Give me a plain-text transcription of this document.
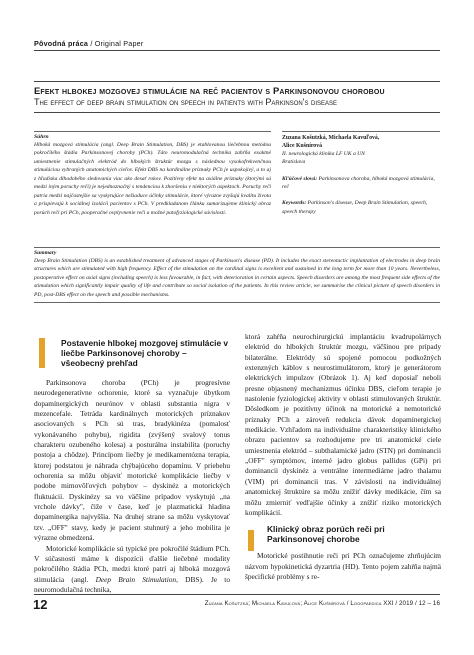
Pôvodná práca / Original Paper
Efekt hlbokej mozgovej stimulácie na reč pacientov s Parkinsonovou chorobou
The effect of deep brain stimulation on speech in patients with Parkinson's disease
Súhrn
Hlboká mozgová stimulácia (angl. Deep Brain Stimulation, DBS) je etablovanou liečebnou metódou pokročilého štádia Parkinsonovej choroby (PCh). Táto neuromodulačná technika zahŕňa exaktné umiestnenie stimulačných elektród do hlbokých štruktúr mozgu s následnou vysokofrekvenčnou stimuláciou vybraných anatomických cieľov. Efekt DBS na kardinálne príznaky PCh je uspokojivý, a to aj z hľadiska dlhodobého sledovania viac ako desať rokov. Pozitívny efekt na axiálne príznaky (ktorými sú medzi iným poruchy reči) je nejednoznačný s tendenciou k zhoršeniu v niektorých aspektoch. Poruchy reči patria medzi najčastejšie sa vyskytujúce nežiaduce účinky stimulácie, ktoré výrazne zvyšujú kvalitu života a prispievajú k sociálnej izolácii pacientov s PCh. V predkladanom článku sumarizujeme klinický obraz porúch reči pri PCh, pooperačné ovplyvnenie reči a možné patofyziologické súvislosti.
Zuzana Košutzká, Michaela Kavuľová,
Alice Kušnírová
II. neurologická klinika LF UK a UN
Bratislava
Kľúčové slová: Parkinsonova choroba, hlboká mozgová stimulácia, reč
Keywords: Parkinson's disease, Deep Brain Stimulation, speech, speech therapy
Summary
Deep Brain Stimulation (DBS) is an established treatment of advanced stages of Parkinson's disease (PD). It includes the exact stereotactic implantation of electrodes in deep brain structures which are stimulated with high frequency. Effect of the stimulation on the cardinal signs is excellent and sustained in the long term for more than 10 years. Nevertheless, postoperative effect on axial signs (including speech) is less favourable, in fact, with deterioration in certain aspects. Speech disorders are among the most frequent side effects of the stimulation which significantly impair quality of life and contribute so social isolation of the patients. In this review article, we summarise the clinical picture of speech disorders in PD, post-DBS effect on the speech and possible mechanisms.
Postavenie hlbokej mozgovej stimulácie v liečbe Parkinsonovej choroby – všeobecný prehľad

Parkinsonova choroba (PCh) je progresívne neurodegeneratívne ochorenie, ktoré sa vyznačuje úbytkom dopamínergických neurónov v oblasti substantia nigra v mezencefale. Tetráda kardinálnych motorických príznakov asociovaných s PCh sú tras, bradykinéza (pomalosť vykonávaného pohybu), rigidita (zvýšený svalový tonus charakteru ozubeného kolesa) a posturálna instabilita (poruchy postoja a chôdze). Princípom liečby je medikamentózna terapia, ktorej podstatou je náhrada chýbajúceho dopamínu. V priebehu ochorenia sa môžu objaviť motorické komplikácie liečby v podobe mimovôľových pohybov – dyskinéz a motorických fluktuácií. Dyskinézy sa vo väčšine prípadov vyskytujú „na vrchole dávky", čiže v čase, keď je plazmatická hladina dopamínergika najvyššia. Na druhej strane sa môžu vyskytovať tzv. „OFF" stavy, kedy je pacient stuhnutý a jeho mobilita je výrazne obmedzená.

Motorické komplikácie sú typické pre pokročilé štádium PCh. V súčasnosti máme k dispozícii ďalšie liečebné modality pokročilého štádia PCh, medzi ktoré patrí aj hlboká mozgová stimulácia (angl. Deep Brain Stimulation, DBS). Je to neuromodulačná technika,

ktorá zahŕňa neurochirurgickú implantáciu kvadrupolárnych elektród do hlbokých štruktúr mozgu, väčšinou pre prípady bilaterálne. Elektródy sú spojené pomocou podkožných extenzných káblov s neurostimulátorom, ktorý je generátorom elektrických impulzov (Obrázok 1). Aj keď doposiaľ neboli presne objasnený mechanizmus účinku DBS, cieľom terapie je nastolenie fyziologickej aktivity v oblasti stimulovaných štruktúr. Dôsledkom je pozitívny účinok na motorické a nemotorické príznaky PCh a zároveň redukcia dávok dopamínergickej medikácie. Vzhľadom na individuálne charakteristiky klinického obrazu pacientov sa rozhodujeme pre tri anatomické ciele umiestnenia elektród – subthalamické jadro (STN) pri dominancii „OFF" symptómov, interné jadro globus pallidus (GPi) pri dominancii dyskinéz a ventrálne intermediárne jadro thalamu (VIM) pri dominancii tras. V závislosti na individuálnej anatomickej štruktúre sa môžu znížiť dávky medikácie, čím sa môžu zmierniť vedľajšie účinky a znížiť riziko motorických komplikácií.

Klinický obraz porúch reči pri Parkinsonovej chorobe

Motorické postihnutie reči pri PCh označujeme zhrňujúcim názvom hypokinetická dyzartria (HD). Tento pojem zahŕňa najmä špecifické problémy s re-

12	Zuzana Košutzká; Michaela Kavuľová; Alice Kušnírová / Logopaedica XXI / 2019 / 12 – 16
